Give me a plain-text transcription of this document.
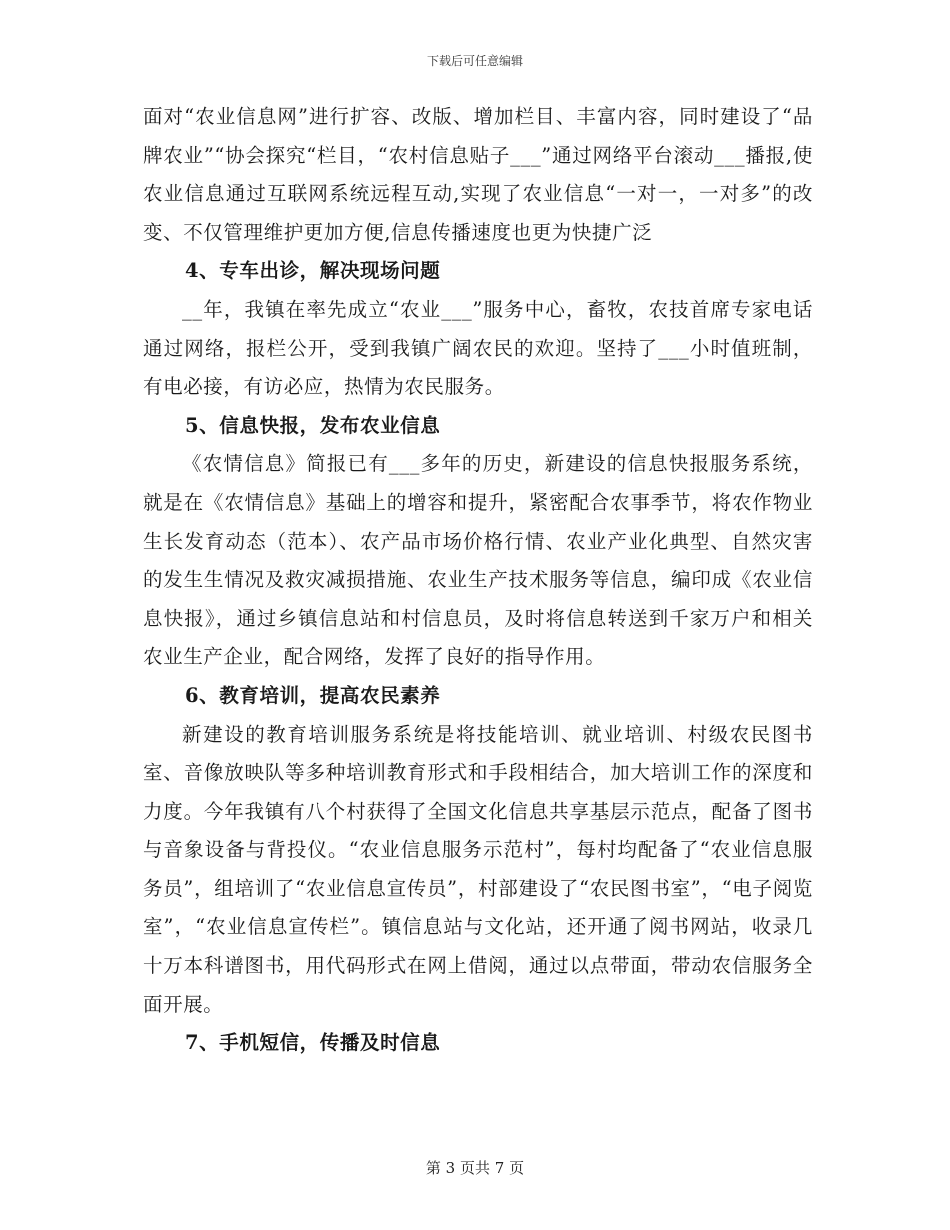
下载后可任意编辑

面对“农业信息网”进行扩容、改版、增加栏目、丰富内容，同时建设了“品牌农业”“协会探究“栏目，“农村信息贴子___”通过网络平台滚动___播报,使农业信息通过互联网系统远程互动,实现了农业信息“一对一，一对多”的改变、不仅管理维护更加方便,信息传播速度也更为快捷广泛

4、专车出诊，解决现场问题

__年，我镇在率先成立“农业___”服务中心，畜牧，农技首席专家电话通过网络，报栏公开，受到我镇广阔农民的欢迎。坚持了___小时值班制，有电必接，有访必应，热情为农民服务。

5、信息快报，发布农业信息

《农情信息》简报已有___多年的历史，新建设的信息快报服务系统，就是在《农情信息》基础上的增容和提升，紧密配合农事季节，将农作物业生长发育动态（范本）、农产品市场价格行情、农业产业化典型、自然灾害的发生生情况及救灾减损措施、农业生产技术服务等信息，编印成《农业信息快报》，通过乡镇信息站和村信息员，及时将信息转送到千家万户和相关农业生产企业，配合网络，发挥了良好的指导作用。

6、教育培训，提高农民素养

新建设的教育培训服务系统是将技能培训、就业培训、村级农民图书室、音像放映队等多种培训教育形式和手段相结合，加大培训工作的深度和力度。今年我镇有八个村获得了全国文化信息共享基层示范点，配备了图书与音象设备与背投仪。“农业信息服务示范村”，每村均配备了“农业信息服务员”，组培训了“农业信息宣传员”，村部建设了“农民图书室”，“电子阅览室”，“农业信息宣传栏”。镇信息站与文化站，还开通了阅书网站，收录几十万本科谱图书，用代码形式在网上借阅，通过以点带面，带动农信服务全面开展。

7、手机短信，传播及时信息

第 3 页共 7 页
